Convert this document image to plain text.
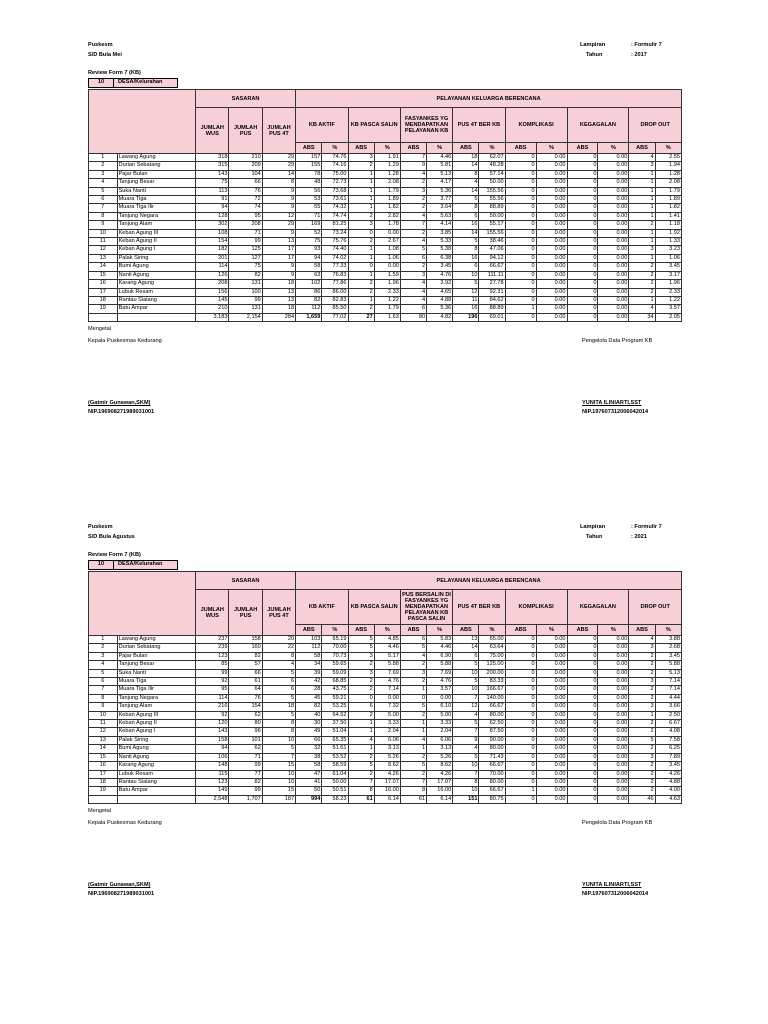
Puskesm
S/D Bula Mei
Lampiran	: Formulir 7
Tahun	: 2017
Review Form 7 (KB)
10	DESA/Kelurahan
		SASARAN			PELAYANAN KELUARGA BERENCANA													
		JUMLAH WUS	JUMLAH PUS	JUMLAH PUS 4T	KB AKTIF		KB PASCA SALIN		FASYANKES YG MENDAPATKAN PELAYANAN KB		PUS 4T BER KB		KOMPLIKASI		KEGAGALAN		DROP OUT	
					ABS	%	ABS	%	ABS	%	ABS	%	ABS	%	ABS	%	ABS	%
1	Lawang Agung	318	210	29	157	74.76	3	1.91	7	4.46	18	62.07	0	0.00	0	0.00	4	2.55
2	Durian Sebatang	315	209	29	155	74.16	2	1.29	9	5.81	14	48.28	0	0.00	0	0.00	3	1.94
3	Pajar Bulan	143	104	14	78	75.00	1	1.28	4	5.13	8	57.14	0	0.00	0	0.00	1	1.28
4	Tanjung Besar	75	66	8	48	72.73	1	2.08	2	4.17	4	50.00	0	0.00	0	0.00	1	2.08
5	Suka Nanti	113	76	9	56	73.68	1	1.79	3	5.36	14	155.56	0	0.00	0	0.00	1	1.79
6	Muara Tiga	91	72	9	53	73.61	1	1.89	2	3.77	5	55.56	0	0.00	0	0.00	1	1.89
7	Muara Tiga Ilir	94	74	9	55	74.32	1	1.82	2	3.64	8	88.89	0	0.00	0	0.00	1	1.82
8	Tanjung Negara	128	95	12	71	74.74	2	2.82	4	5.63	6	50.00	0	0.00	0	0.00	1	1.41
9	Tanjung Alam	302	208	29	169	81.25	3	1.78	7	4.14	16	55.17	0	0.00	0	0.00	2	1.18
10	Keban Agung III	108	71	9	52	73.24	0	0.00	2	3.85	14	155.56	0	0.00	0	0.00	1	1.92
11	Keban Agung II	154	99	13	75	75.76	2	2.67	4	5.33	5	38.46	0	0.00	0	0.00	1	1.33
12	Keban Agung I	182	125	17	93	74.40	1	1.08	5	5.38	8	47.06	0	0.00	0	0.00	3	3.23
13	Palak Siring	201	127	17	94	74.02	1	1.06	6	6.38	16	94.12	0	0.00	0	0.00	1	1.06
14	Bumi Agung	114	75	9	58	77.33	0	0.00	2	3.45	6	66.67	0	0.00	0	0.00	2	3.45
15	Nanti Agung	126	82	9	63	76.83	1	1.59	3	4.76	10	111.11	0	0.00	0	0.00	2	3.17
16	Karang Agung	208	131	18	102	77.86	2	1.96	4	3.92	5	27.78	0	0.00	0	0.00	2	1.96
17	Lubuk Resam	156	100	13	86	86.00	2	2.33	4	4.65	12	92.31	0	0.00	0	0.00	2	2.33
18	Rantau Sialang	145	99	13	82	82.83	1	1.22	4	4.88	11	84.62	0	0.00	0	0.00	1	1.22
19	Batu Ampar	210	131	18	112	85.50	2	1.79	6	5.36	16	88.89	1	0.00	0	0.00	4	3.57
		3,183	2,154	284	1,659	77.02	27	1.63	80	4.82	196	69.01	0	0.00	0	0.00	34	2.05
Mengetal
Kepala Puskesmas Kedurang	Pengelola Data Program KB
(Gatmir Gunawan,SKM)	YUNITA ILINIARTI,SST
NIP.196908271989031001	NIP.197607312006042014
Puskesm
S/D Bula Agustus
Lampiran	: Formulir 7
Tahun	: 2021
Review Form 7 (KB)
10	DESA/Kelurahan
		SASARAN			PELAYANAN KELUARGA BERENCANA													
		JUMLAH WUS	JUMLAH PUS	JUMLAH PUS 4T	KB AKTIF		KB PASCA SALIN		PUS BERSALIN DI FASYANKES YG MENDAPATKAN PELAYANAN KB PASCA SALIN		PUS 4T BER KB		KOMPLIKASI		KEGAGALAN		DROP OUT	
					ABS	%	ABS	%	ABS	%	ABS	%	ABS	%	ABS	%	ABS	%
1	Lawang Agung	237	158	20	103	65.19	5	4.85	6	5.83	13	65.00	0	0.00	0	0.00	4	3.88
2	Durian Sebatang	239	160	22	112	70.00	5	4.46	5	4.46	14	63.64	0	0.00	0	0.00	3	2.68
3	Pajar Bulan	123	82	8	58	70.73	3	5.17	4	6.90	6	75.00	0	0.00	0	0.00	2	3.45
4	Tanjung Besar	85	57	4	34	59.65	2	5.88	2	5.88	5	125.00	0	0.00	0	0.00	2	5.88
5	Suka Nanti	99	66	5	39	59.09	3	7.69	3	7.69	10	200.00	0	0.00	0	0.00	2	5.13
6	Muara Tiga	92	61	6	42	68.85	2	4.76	2	4.76	5	83.33	0	0.00	0	0.00	3	7.14
7	Muara Tiga Ilir	95	64	6	28	43.75	2	7.14	1	3.57	10	166.67	0	0.00	0	0.00	2	7.14
8	Tanjung Negara	114	76	5	45	59.21	0	0.00	0	0.00	7	140.00	0	0.00	0	0.00	2	4.44
9	Tanjung Alam	216	154	18	82	53.25	6	7.32	5	6.10	12	66.67	0	0.00	0	0.00	3	3.66
10	Keban Agung III	92	62	5	40	64.52	2	5.00	2	5.00	4	80.00	0	0.00	0	0.00	1	2.50
11	Keban Agung II	120	80	8	30	37.50	1	3.33	1	3.33	5	62.50	0	0.00	0	0.00	2	6.67
12	Keban Agung I	143	96	8	49	51.04	1	2.04	1	2.04	7	87.50	0	0.00	0	0.00	2	4.08
13	Palak Siring	158	101	10	66	65.35	4	6.06	4	6.06	9	90.00	0	0.00	0	0.00	5	7.58
14	Bumi Agung	94	62	5	32	51.61	1	3.13	1	3.13	4	80.00	0	0.00	0	0.00	2	6.25
15	Nanti Agung	106	71	7	38	53.52	2	5.26	2	5.26	5	71.43	0	0.00	0	0.00	3	7.89
16	Karang Agung	148	99	15	58	58.59	5	8.62	5	8.62	10	66.67	0	0.00	0	0.00	2	3.45
17	Lubuk Resam	115	77	10	47	61.04	2	4.26	2	4.26	7	70.00	0	0.00	0	0.00	2	4.26
18	Rantau Sialang	123	82	10	41	50.00	7	17.07	7	17.07	8	80.00	0	0.00	0	0.00	2	4.88
19	Batu Ampar	149	99	15	50	50.51	8	16.00	8	16.00	10	66.67	1	0.00	0	0.00	2	4.00
		2,548	1,707	187	994	58.23	61	6.14	61	6.14	151	80.75	0	0.00	0	0.00	46	4.63
Mengetal
Kepala Puskesmas Kedurang	Pengelola Data Program KB
(Gatmir Gunawan,SKM)	YUNITA ILINIARTI,SST
NIP.196908271989031001	NIP.197607312006042014
